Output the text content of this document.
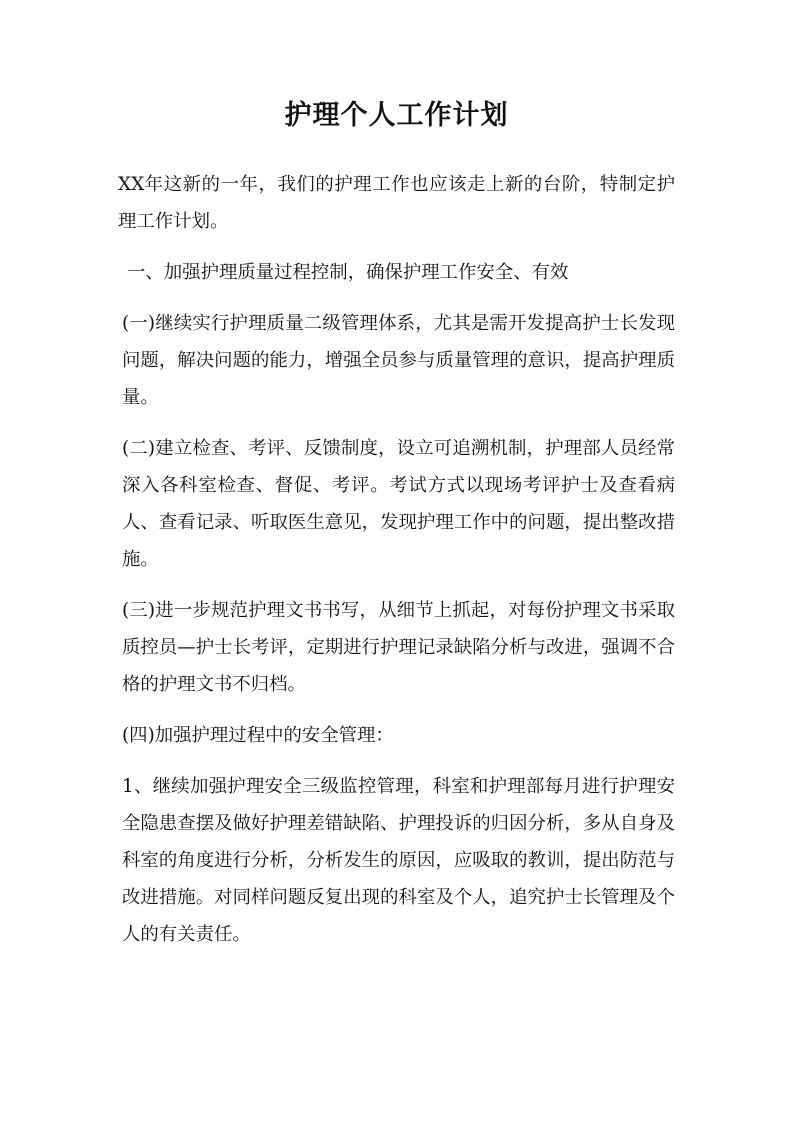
护理个人工作计划

XX年这新的一年，我们的护理工作也应该走上新的台阶，特制定护理工作计划。

一、加强护理质量过程控制，确保护理工作安全、有效

(一)继续实行护理质量二级管理体系，尤其是需开发提高护士长发现问题，解决问题的能力，增强全员参与质量管理的意识，提高护理质量。

(二)建立检查、考评、反馈制度，设立可追溯机制，护理部人员经常深入各科室检查、督促、考评。考试方式以现场考评护士及查看病人、查看记录、听取医生意见，发现护理工作中的问题，提出整改措施。

(三)进一步规范护理文书书写，从细节上抓起，对每份护理文书采取质控员—护士长考评，定期进行护理记录缺陷分析与改进，强调不合格的护理文书不归档。

(四)加强护理过程中的安全管理：

1、继续加强护理安全三级监控管理，科室和护理部每月进行护理安全隐患查摆及做好护理差错缺陷、护理投诉的归因分析，多从自身及科室的角度进行分析，分析发生的原因，应吸取的教训，提出防范与改进措施。对同样问题反复出现的科室及个人，追究护士长管理及个人的有关责任。
